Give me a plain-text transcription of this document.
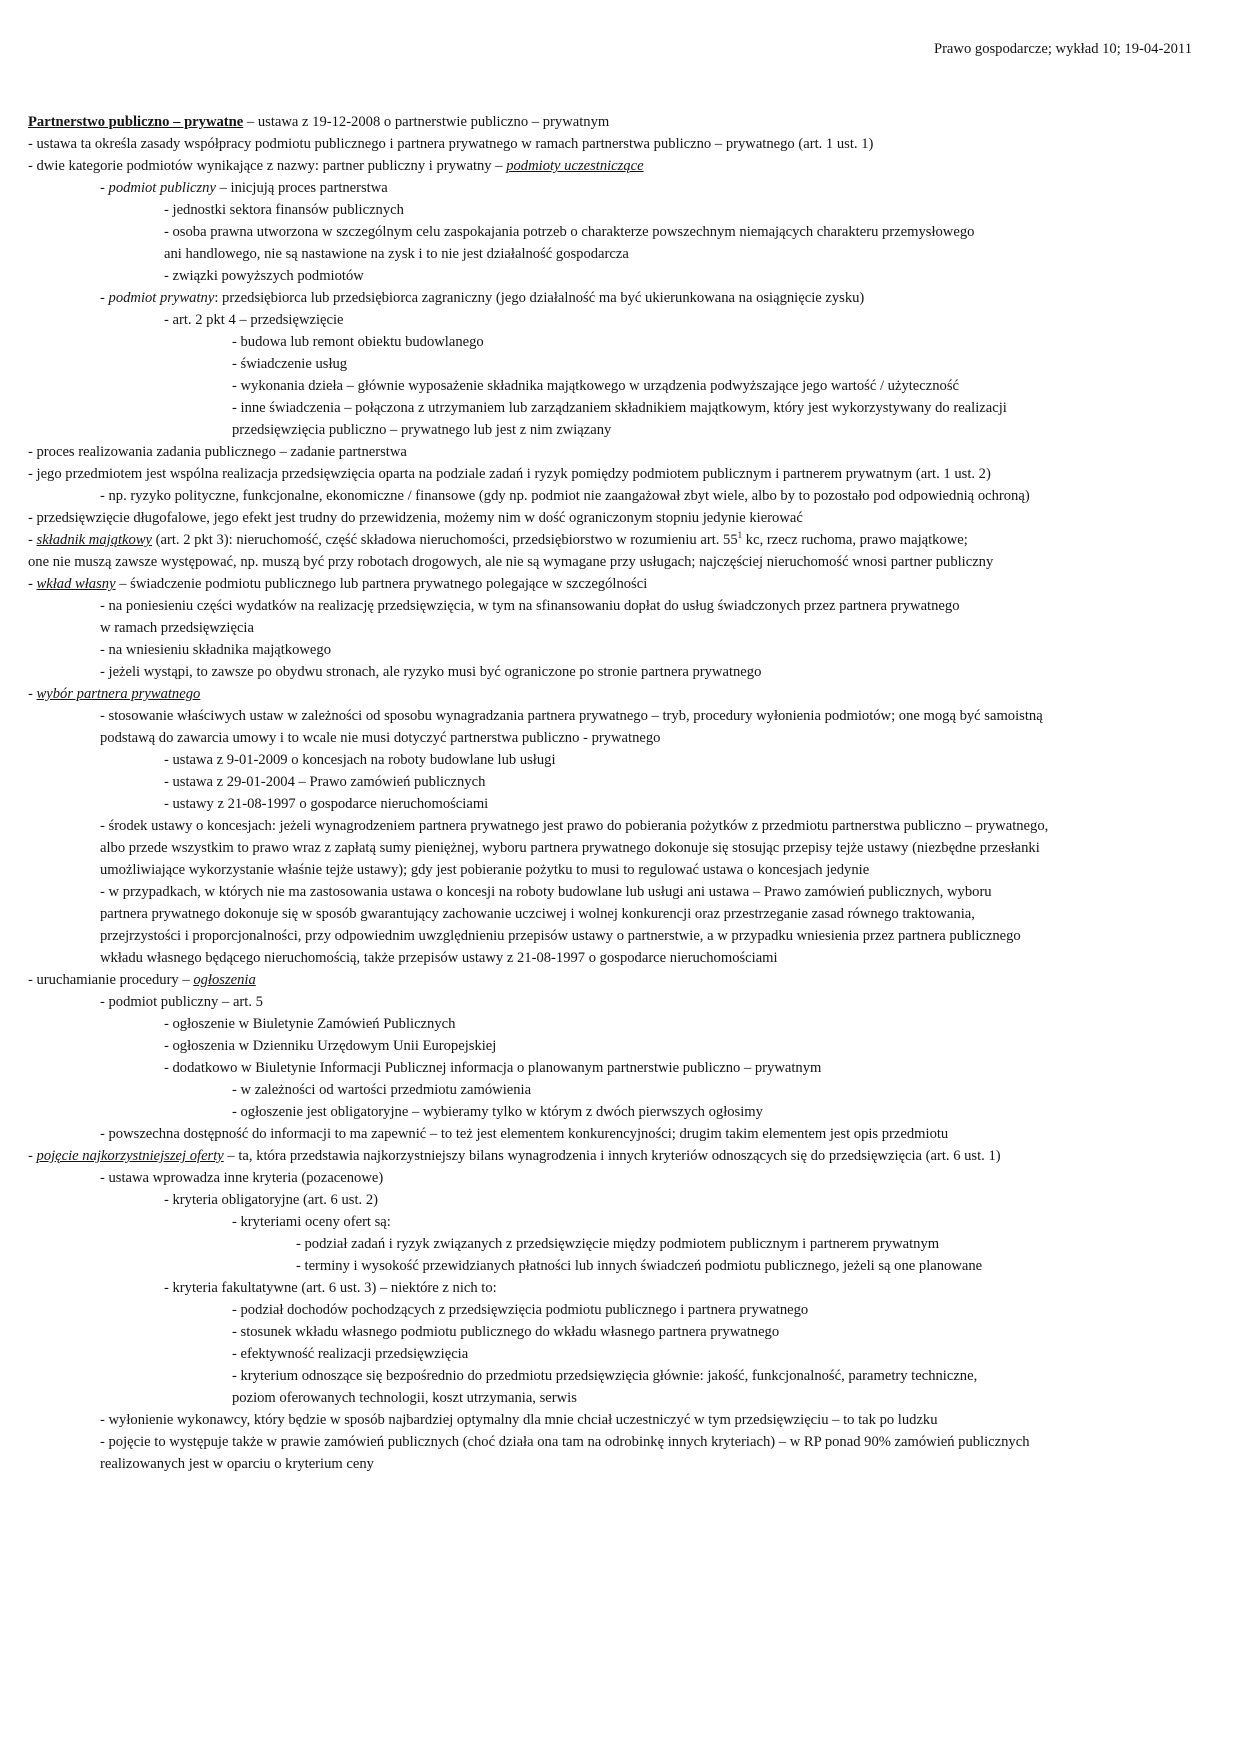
Prawo gospodarcze; wykład 10; 19-04-2011
Partnerstwo publiczno – prywatne – ustawa z 19-12-2008 o partnerstwie publiczno – prywatnym
- ustawa ta określa zasady współpracy podmiotu publicznego i partnera prywatnego w ramach partnerstwa publiczno – prywatnego (art. 1 ust. 1)
- dwie kategorie podmiotów wynikające z nazwy: partner publiczny i prywatny – podmioty uczestniczące
- podmiot publiczny – inicjują proces partnerstwa
- jednostki sektora finansów publicznych
- osoba prawna utworzona w szczególnym celu zaspokajania potrzeb o charakterze powszechnym niemających charakteru przemysłowego
ani handlowego, nie są nastawione na zysk i to nie jest działalność gospodarcza
- związki powyższych podmiotów
- podmiot prywatny: przedsiębiorca lub przedsiębiorca zagraniczny (jego działalność ma być ukierunkowana na osiągnięcie zysku)
- art. 2 pkt 4 – przedsięwzięcie
- budowa lub remont obiektu budowlanego
- świadczenie usług
- wykonania dzieła – głównie wyposażenie składnika majątkowego w urządzenia podwyższające jego wartość / użyteczność
- inne świadczenia – połączona z utrzymaniem lub zarządzaniem składnikiem majątkowym, który jest wykorzystywany do realizacji
przedsięwzięcia publiczno – prywatnego lub jest z nim związany
- proces realizowania zadania publicznego – zadanie partnerstwa
- jego przedmiotem jest wspólna realizacja przedsięwzięcia oparta na podziale zadań i ryzyk pomiędzy podmiotem publicznym i partnerem prywatnym (art. 1 ust. 2)
- np. ryzyko polityczne, funkcjonalne, ekonomiczne / finansowe (gdy np. podmiot nie zaangażował zbyt wiele, albo by to pozostało pod odpowiednią ochroną)
- przedsięwzięcie długofalowe, jego efekt jest trudny do przewidzenia, możemy nim w dość ograniczonym stopniu jedynie kierować
- składnik majątkowy (art. 2 pkt 3): nieruchomość, część składowa nieruchomości, przedsiębiorstwo w rozumieniu art. $55^1$ kc, rzecz ruchoma, prawo majątkowe;
one nie muszą zawsze występować, np. muszą być przy robotach drogowych, ale nie są wymagane przy usługach; najczęściej nieruchomość wnosi partner publiczny
- wkład własny – świadczenie podmiotu publicznego lub partnera prywatnego polegające w szczególności
- na poniesieniu części wydatków na realizację przedsięwzięcia, w tym na sfinansowaniu dopłat do usług świadczonych przez partnera prywatnego
w ramach przedsięwzięcia
- na wniesieniu składnika majątkowego
- jeżeli wystąpi, to zawsze po obydwu stronach, ale ryzyko musi być ograniczone po stronie partnera prywatnego
- wybór partnera prywatnego
- stosowanie właściwych ustaw w zależności od sposobu wynagradzania partnera prywatnego – tryb, procedury wyłonienia podmiotów; one mogą być samoistną
podstawą do zawarcia umowy i to wcale nie musi dotyczyć partnerstwa publiczno - prywatnego
- ustawa z 9-01-2009 o koncesjach na roboty budowlane lub usługi
- ustawa z 29-01-2004 – Prawo zamówień publicznych
- ustawy z 21-08-1997 o gospodarce nieruchomościami
- środek ustawy o koncesjach: jeżeli wynagrodzeniem partnera prywatnego jest prawo do pobierania pożytków z przedmiotu partnerstwa publiczno – prywatnego,
albo przede wszystkim to prawo wraz z zapłatą sumy pieniężnej, wyboru partnera prywatnego dokonuje się stosując przepisy tejże ustawy (niezbędne przesłanki
umożliwiające wykorzystanie właśnie tejże ustawy); gdy jest pobieranie pożytku to musi to regulować ustawa o koncesjach jedynie
- w przypadkach, w których nie ma zastosowania ustawa o koncesji na roboty budowlane lub usługi ani ustawa – Prawo zamówień publicznych, wyboru
partnera prywatnego dokonuje się w sposób gwarantujący zachowanie uczciwej i wolnej konkurencji oraz przestrzeganie zasad równego traktowania,
przejrzystości i proporcjonalności, przy odpowiednim uwzględnieniu przepisów ustawy o partnerstwie, a w przypadku wniesienia przez partnera publicznego
wkładu własnego będącego nieruchomością, także przepisów ustawy z 21-08-1997 o gospodarce nieruchomościami
- uruchamianie procedury – ogłoszenia
- podmiot publiczny – art. 5
- ogłoszenie w Biuletynie Zamówień Publicznych
- ogłoszenia w Dzienniku Urzędowym Unii Europejskiej
- dodatkowo w Biuletynie Informacji Publicznej informacja o planowanym partnerstwie publiczno – prywatnym
- w zależności od wartości przedmiotu zamówienia
- ogłoszenie jest obligatoryjne – wybieramy tylko w którym z dwóch pierwszych ogłosimy
- powszechna dostępność do informacji to ma zapewnić – to też jest elementem konkurencyjności; drugim takim elementem jest opis przedmiotu
- pojęcie najkorzystniejszej oferty – ta, która przedstawia najkorzystniejszy bilans wynagrodzenia i innych kryteriów odnoszących się do przedsięwzięcia (art. 6 ust. 1)
- ustawa wprowadza inne kryteria (pozacenowe)
- kryteria obligatoryjne (art. 6 ust. 2)
- kryteriami oceny ofert są:
- podział zadań i ryzyk związanych z przedsięwzięcie między podmiotem publicznym i partnerem prywatnym
- terminy i wysokość przewidzianych płatności lub innych świadczeń podmiotu publicznego, jeżeli są one planowane
- kryteria fakultatywne (art. 6 ust. 3) – niektóre z nich to:
- podział dochodów pochodzących z przedsięwzięcia podmiotu publicznego i partnera prywatnego
- stosunek wkładu własnego podmiotu publicznego do wkładu własnego partnera prywatnego
- efektywność realizacji przedsięwzięcia
- kryterium odnoszące się bezpośrednio do przedmiotu przedsięwzięcia głównie: jakość, funkcjonalność, parametry techniczne,
poziom oferowanych technologii, koszt utrzymania, serwis
- wyłonienie wykonawcy, który będzie w sposób najbardziej optymalny dla mnie chciał uczestniczyć w tym przedsięwzięciu – to tak po ludzku
- pojęcie to występuje także w prawie zamówień publicznych (choć działa ona tam na odrobinkę innych kryteriach) – w RP ponad 90% zamówień publicznych
realizowanych jest w oparciu o kryterium ceny
